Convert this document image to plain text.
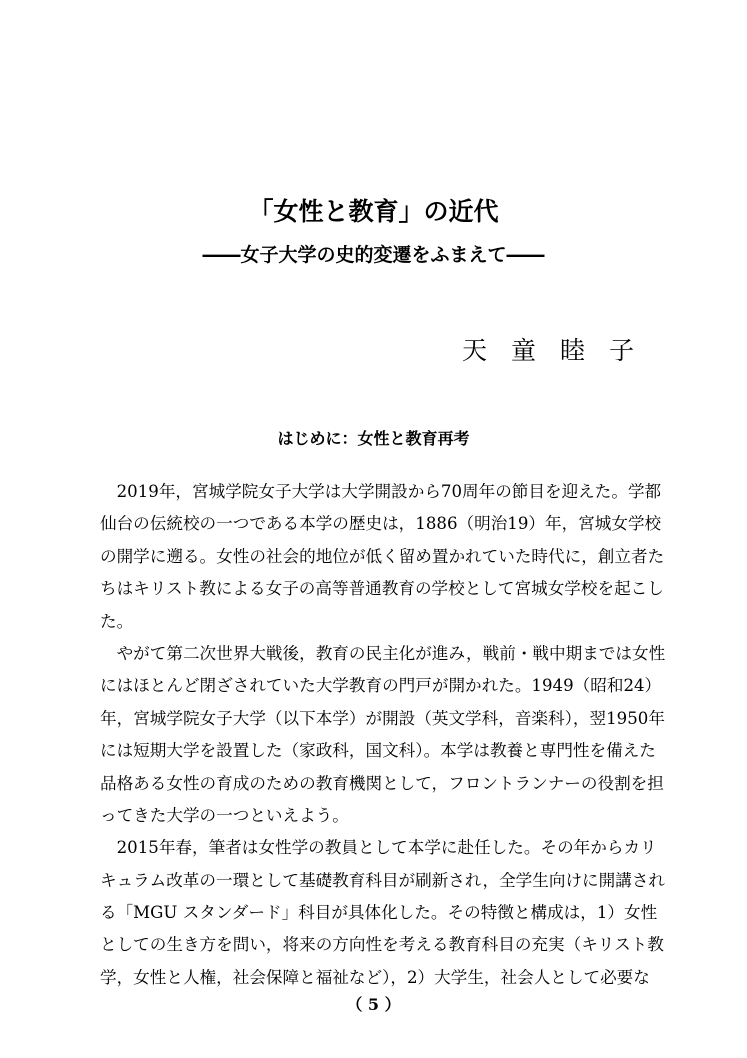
「女性と教育」の近代
――女子大学の史的変遷をふまえて――
天童睦子
はじめに：女性と教育再考
　2019年，宮城学院女子大学は大学開設から70周年の節目を迎えた。学都
仙台の伝統校の一つである本学の歴史は，1886（明治19）年，宮城女学校
の開学に遡る。女性の社会的地位が低く留め置かれていた時代に，創立者た
ちはキリスト教による女子の高等普通教育の学校として宮城女学校を起こし
た。
　やがて第二次世界大戦後，教育の民主化が進み，戦前・戦中期までは女性
にはほとんど閉ざされていた大学教育の門戸が開かれた。1949（昭和24）
年，宮城学院女子大学（以下本学）が開設（英文学科，音楽科），翌1950年
には短期大学を設置した（家政科，国文科）。本学は教養と専門性を備えた
品格ある女性の育成のための教育機関として，フロントランナーの役割を担
ってきた大学の一つといえよう。
　2015年春，筆者は女性学の教員として本学に赴任した。その年からカリ
キュラム改革の一環として基礎教育科目が刷新され，全学生向けに開講され
る「MGU スタンダード」科目が具体化した。その特徴と構成は，1）女性
としての生き方を問い，将来の方向性を考える教育科目の充実（キリスト教
学，女性と人権，社会保障と福祉など），2）大学生，社会人として必要な
（ 5 ）
